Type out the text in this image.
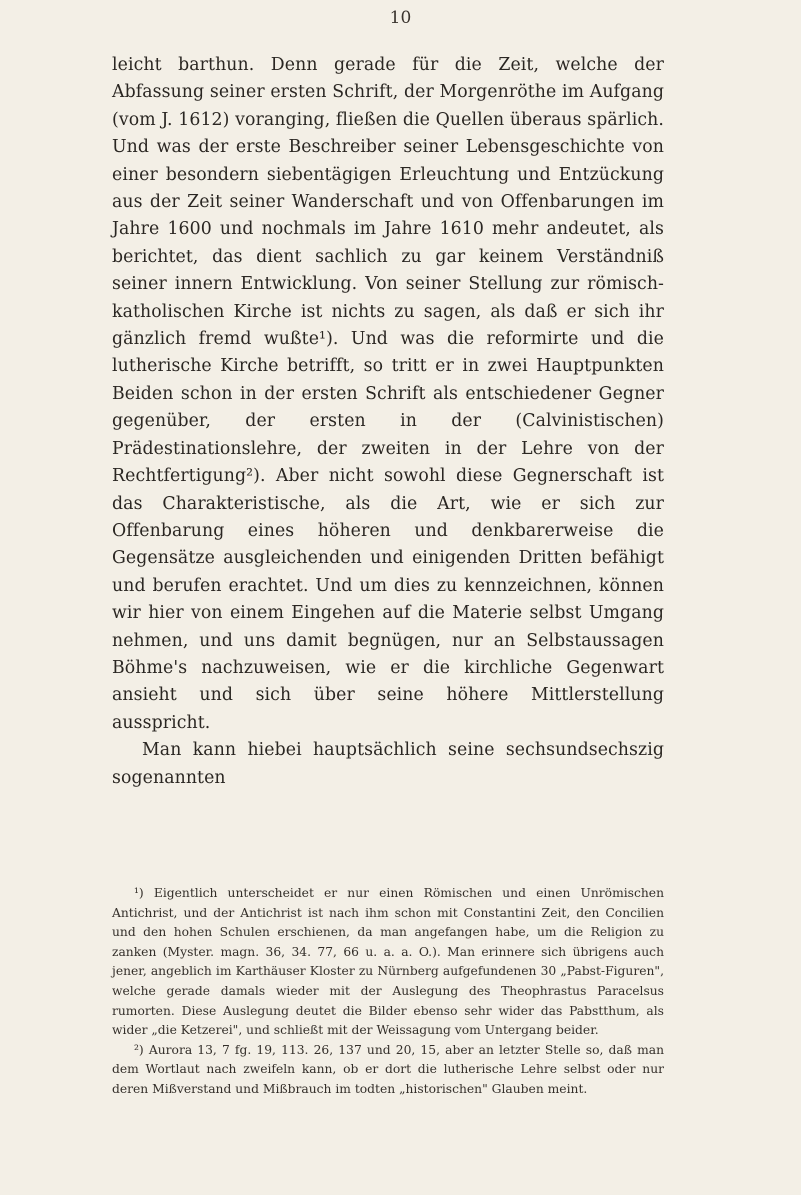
10

leicht barthun. Denn gerade für die Zeit, welche der Abfassung seiner ersten Schrift, der Morgenröthe im Aufgang (vom J. 1612) voranging, fließen die Quellen überaus spärlich. Und was der erste Beschreiber seiner Lebensgeschichte von einer besondern siebentägigen Erleuchtung und Entzückung aus der Zeit seiner Wanderschaft und von Offenbarungen im Jahre 1600 und nochmals im Jahre 1610 mehr andeutet, als berichtet, das dient sachlich zu gar keinem Verständniß seiner innern Entwicklung. Von seiner Stellung zur römisch-katholischen Kirche ist nichts zu sagen, als daß er sich ihr gänzlich fremd wußte¹). Und was die reformirte und die lutherische Kirche betrifft, so tritt er in zwei Hauptpunkten Beiden schon in der ersten Schrift als entschiedener Gegner gegenüber, der ersten in der (Calvinistischen) Prädestinationslehre, der zweiten in der Lehre von der Rechtfertigung²). Aber nicht sowohl diese Gegnerschaft ist das Charakteristische, als die Art, wie er sich zur Offenbarung eines höheren und denkbarerweise die Gegensätze ausgleichenden und einigenden Dritten befähigt und berufen erachtet. Und um dies zu kennzeichnen, können wir hier von einem Eingehen auf die Materie selbst Umgang nehmen, und uns damit begnügen, nur an Selbstaussagen Böhme's nachzuweisen, wie er die kirchliche Gegenwart ansieht und sich über seine höhere Mittlerstellung ausspricht.

Man kann hiebei hauptsächlich seine sechsundsechszig sogenannten

¹) Eigentlich unterscheidet er nur einen Römischen und einen Unrömischen Antichrist, und der Antichrist ist nach ihm schon mit Constantini Zeit, den Concilien und den hohen Schulen erschienen, da man angefangen habe, um die Religion zu zanken (Myster. magn. 36, 34. 77, 66 u. a. a. O.). Man erinnere sich übrigens auch jener, angeblich im Karthäuser Kloster zu Nürnberg aufgefundenen 30 „Pabst-Figuren", welche gerade damals wieder mit der Auslegung des Theophrastus Paracelsus rumorten. Diese Auslegung deutet die Bilder ebenso sehr wider das Pabstthum, als wider „die Ketzerei", und schließt mit der Weissagung vom Untergang beider.

²) Aurora 13, 7 fg. 19, 113. 26, 137 und 20, 15, aber an letzter Stelle so, daß man dem Wortlaut nach zweifeln kann, ob er dort die lutherische Lehre selbst oder nur deren Mißverstand und Mißbrauch im todten „historischen" Glauben meint.
